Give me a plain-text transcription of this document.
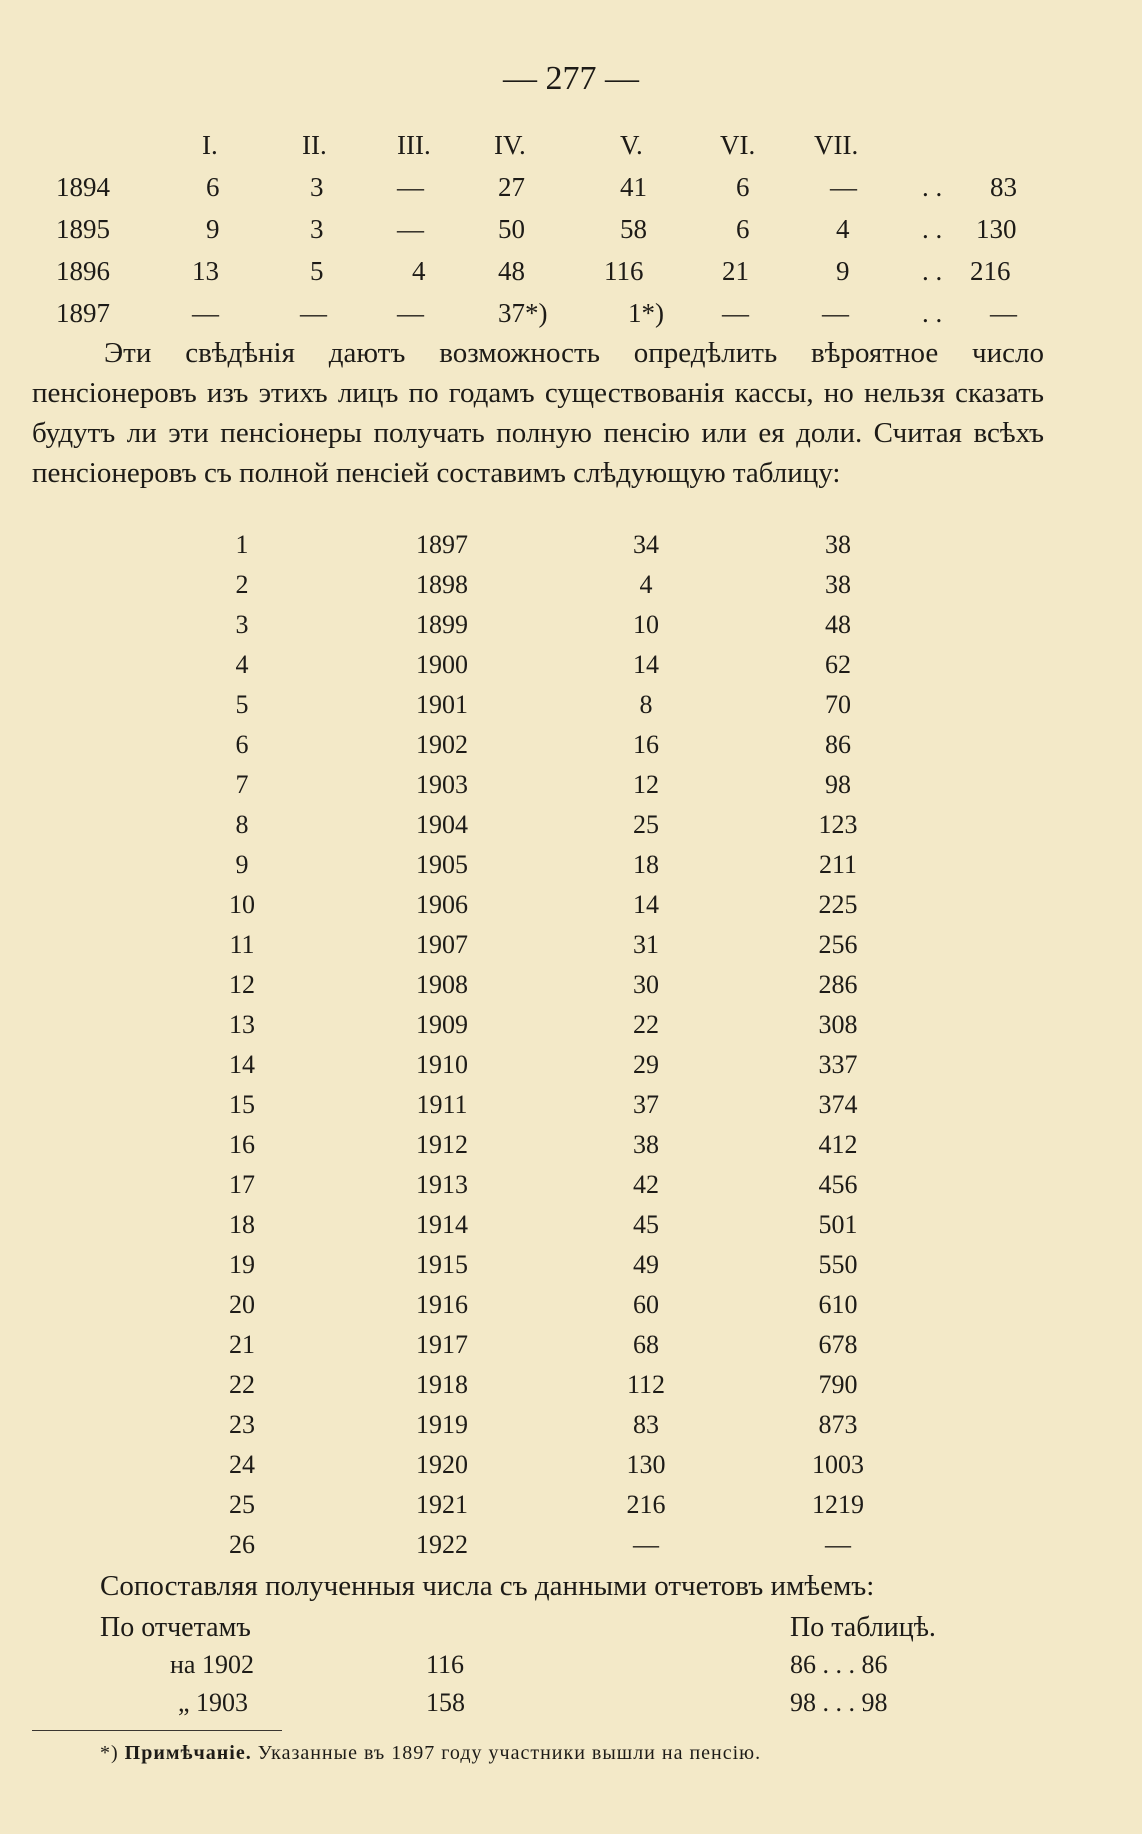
— 277 —
I.	II.	III. IV.	V.	VI. VII.
1894	6	3	—	27	41	6	— . . 83
1895	9	3	—	50	58	6	4	. . 130
1896	13	5	4	48	116	21	9	. . 216
1897	—	—	—	37*)	1*) —	—	. . —

Эти свѣдѣнія даютъ возможность опредѣлить вѣроятное число пенсіонеровъ изъ этихъ лицъ по годамъ существованія кассы, но нельзя сказать будутъ ли эти пенсіонеры получать полную пенсію или ея доли. Считая всѣхъ пенсіонеровъ съ полной пенсіей составимъ слѣдующую таблицу:

1	1897	34	38
2	1898	4	38
3	1899	10	48
4	1900	14	62
5	1901	8	70
6	1902	16	86
7	1903	12	98
8	1904	25	123
9	1905	18	211
10	1906	14	225
11	1907	31	256
12	1908	30	286
13	1909	22	308
14	1910	29	337
15	1911	37	374
16	1912	38	412
17	1913	42	456
18	1914	45	501
19	1915	49	550
20	1916	60	610
21	1917	68	678
22	1918	112	790
23	1919	83	873
24	1920	130	1003
25	1921	216	1219
26	1922	—	—
Сопоставляя полученныя числа съ данными отчетовъ имѣемъ:
По отчетамъ	По таблицѣ.
на 1902	116	86 . . . 86
„ 1903	158	98 . . . 98
*) Примѣчаніе. Указанные въ 1897 году участники вышли на пенсію.
